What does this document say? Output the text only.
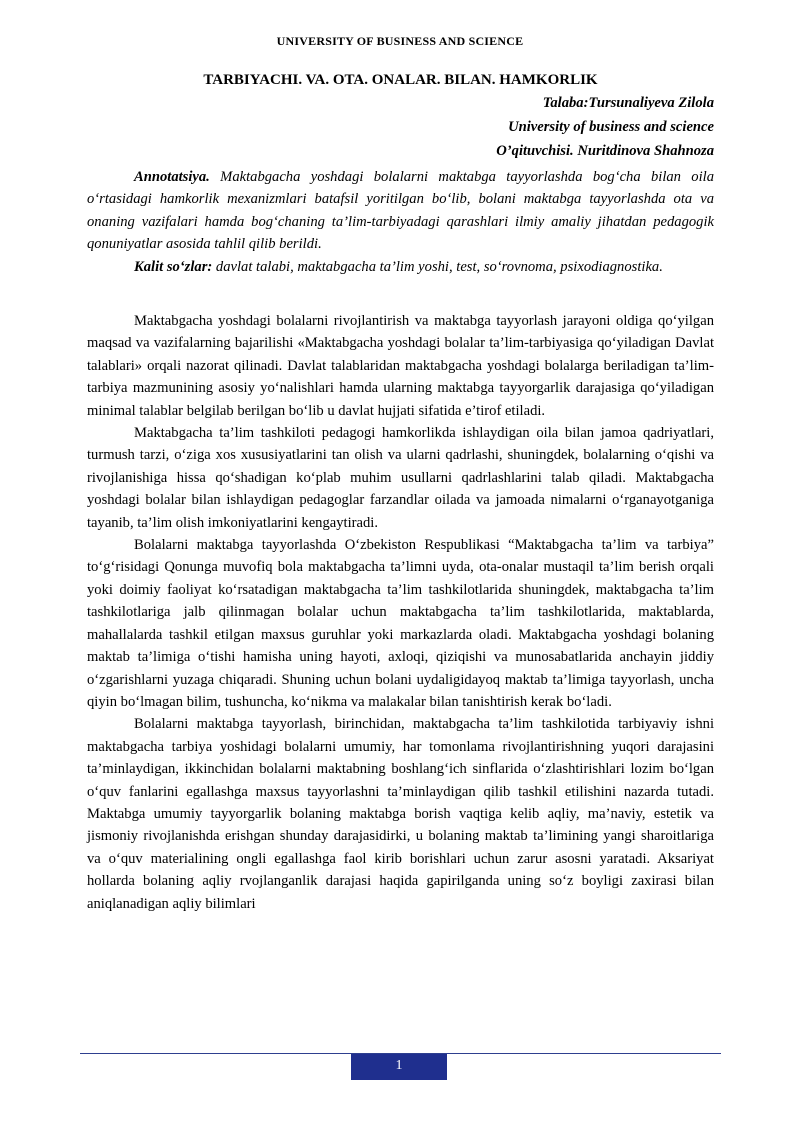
UNIVERSITY OF BUSINESS AND SCIENCE
TARBIYACHI. VA. OTA. ONALAR. BILAN. HAMKORLIK
Talaba:Tursunaliyeva Zilola
University of business and science
O’qituvchisi. Nuritdinova Shahnoza

Annotatsiya. Maktabgacha yoshdagi bolalarni maktabga tayyorlashda bog‘cha bilan oila o‘rtasidagi hamkorlik mexanizmlari batafsil yoritilgan bo‘lib, bolani maktabga tayyorlashda ota va onaning vazifalari hamda bog‘chaning ta’lim-tarbiyadagi qarashlari ilmiy amaliy jihatdan pedagogik qonuniyatlar asosida tahlil qilib berildi.

Kalit so‘zlar: davlat talabi, maktabgacha ta’lim yoshi, test, so‘rovnoma, psixodiagnostika.

Maktabgacha yoshdagi bolalarni rivojlantirish va maktabga tayyorlash jarayoni oldiga qo‘yilgan maqsad va vazifalarning bajarilishi «Maktabgacha yoshdagi bolalar ta’lim-tarbiyasiga qo‘yiladigan Davlat talablari» orqali nazorat qilinadi. Davlat talablaridan maktabgacha yoshdagi bolalarga beriladigan ta’lim-tarbiya mazmunining asosiy yo‘nalishlari hamda ularning maktabga tayyorgarlik darajasiga qo‘yiladigan minimal talablar belgilab berilgan bo‘lib u davlat hujjati sifatida e’tirof etiladi.

Maktabgacha ta’lim tashkiloti pedagogi hamkorlikda ishlaydigan oila bilan jamoa qadriyatlari, turmush tarzi, o‘ziga xos xususiyatlarini tan olish va ularni qadrlashi, shuningdek, bolalarning o‘qishi va rivojlanishiga hissa qo‘shadigan ko‘plab muhim usullarni qadrlashlarini talab qiladi. Maktabgacha yoshdagi bolalar bilan ishlaydigan pedagoglar farzandlar oilada va jamoada nimalarni o‘rganayotganiga tayanib, ta’lim olish imkoniyatlarini kengaytiradi.

Bolalarni maktabga tayyorlashda O‘zbekiston Respublikasi “Maktabgacha ta’lim va tarbiya” to‘g‘risidagi Qonunga muvofiq bola maktabgacha ta’limni uyda, ota-onalar mustaqil ta’lim berish orqali yoki doimiy faoliyat ko‘rsatadigan maktabgacha ta’lim tashkilotlarida shuningdek, maktabgacha ta’lim tashkilotlariga jalb qilinmagan bolalar uchun maktabgacha ta’lim tashkilotlarida, maktablarda, mahallalarda tashkil etilgan maxsus guruhlar yoki markazlarda oladi. Maktabgacha yoshdagi bolaning maktab ta’limiga o‘tishi hamisha uning hayoti, axloqi, qiziqishi va munosabatlarida anchayin jiddiy o‘zgarishlarni yuzaga chiqaradi. Shuning uchun bolani uydaligidayoq maktab ta’limiga tayyorlash, uncha qiyin bo‘lmagan bilim, tushuncha, ko‘nikma va malakalar bilan tanishtirish kerak bo‘ladi.

Bolalarni maktabga tayyorlash, birinchidan, maktabgacha ta’lim tashkilotida tarbiyaviy ishni maktabgacha tarbiya yoshidagi bolalarni umumiy, har tomonlama rivojlantirishning yuqori darajasini ta’minlaydigan, ikkinchidan bolalarni maktabning boshlang‘ich sinflarida o‘zlashtirishlari lozim bo‘lgan o‘quv fanlarini egallashga maxsus tayyorlashni ta’minlaydigan qilib tashkil etilishini nazarda tutadi. Maktabga umumiy tayyorgarlik bolaning maktabga borish vaqtiga kelib aqliy, ma’naviy, estetik va jismoniy rivojlanishda erishgan shunday darajasidirki, u bolaning maktab ta’limining yangi sharoitlariga va o‘quv materialining ongli egallashga faol kirib borishlari uchun zarur asosni yaratadi. Aksariyat hollarda bolaning aqliy rvojlanganlik darajasi haqida gapirilganda uning so‘z boyligi zaxirasi bilan aniqlanadigan aqliy bilimlari

1
